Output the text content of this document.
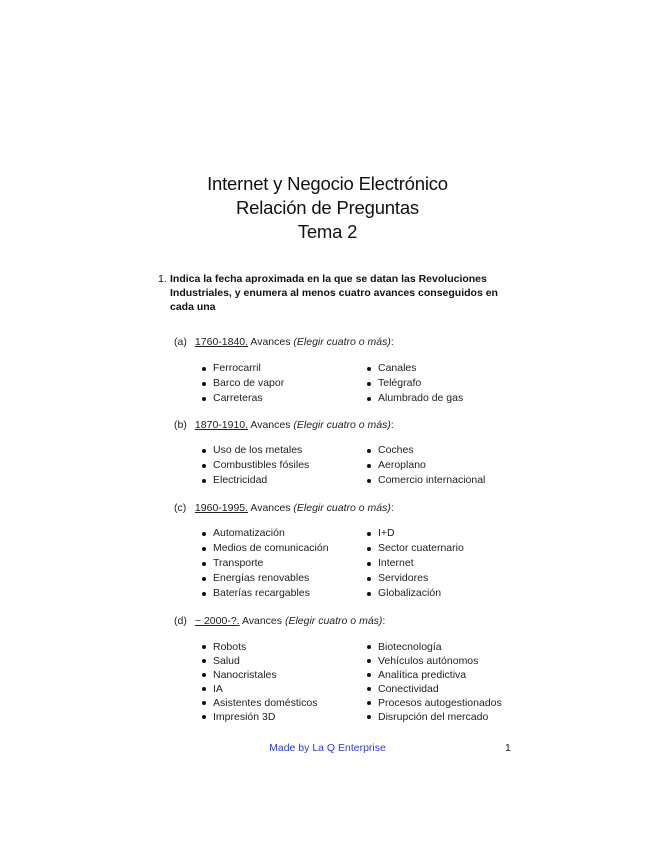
Internet y Negocio Electrónico
Relación de Preguntas
Tema 2
1. Indica la fecha aproximada en la que se datan las Revoluciones Industriales, y enumera al menos cuatro avances conseguidos en cada una
(a) 1760-1840. Avances (Elegir cuatro o más):
Ferrocarril	Canales
Barco de vapor	Telégrafo
Carreteras	Alumbrado de gas
(b) 1870-1910. Avances (Elegir cuatro o más):
Uso de los metales	Coches
Combustibles fósiles	Aeroplano
Electricidad	Comercio internacional
(c) 1960-1995. Avances (Elegir cuatro o más):
Automatización	I+D
Medios de comunicación	Sector cuaternario
Transporte	Internet
Energías renovables	Servidores
Baterías recargables	Globalización
(d) ~ 2000-?. Avances (Elegir cuatro o más):
Robots	Biotecnología
Salud	Vehículos autónomos
Nanocristales	Analítica predictiva
IA	Conectividad
Asistentes domésticos	Procesos autogestionados
Impresión 3D	Disrupción del mercado
Made by La Q Enterprise	1
